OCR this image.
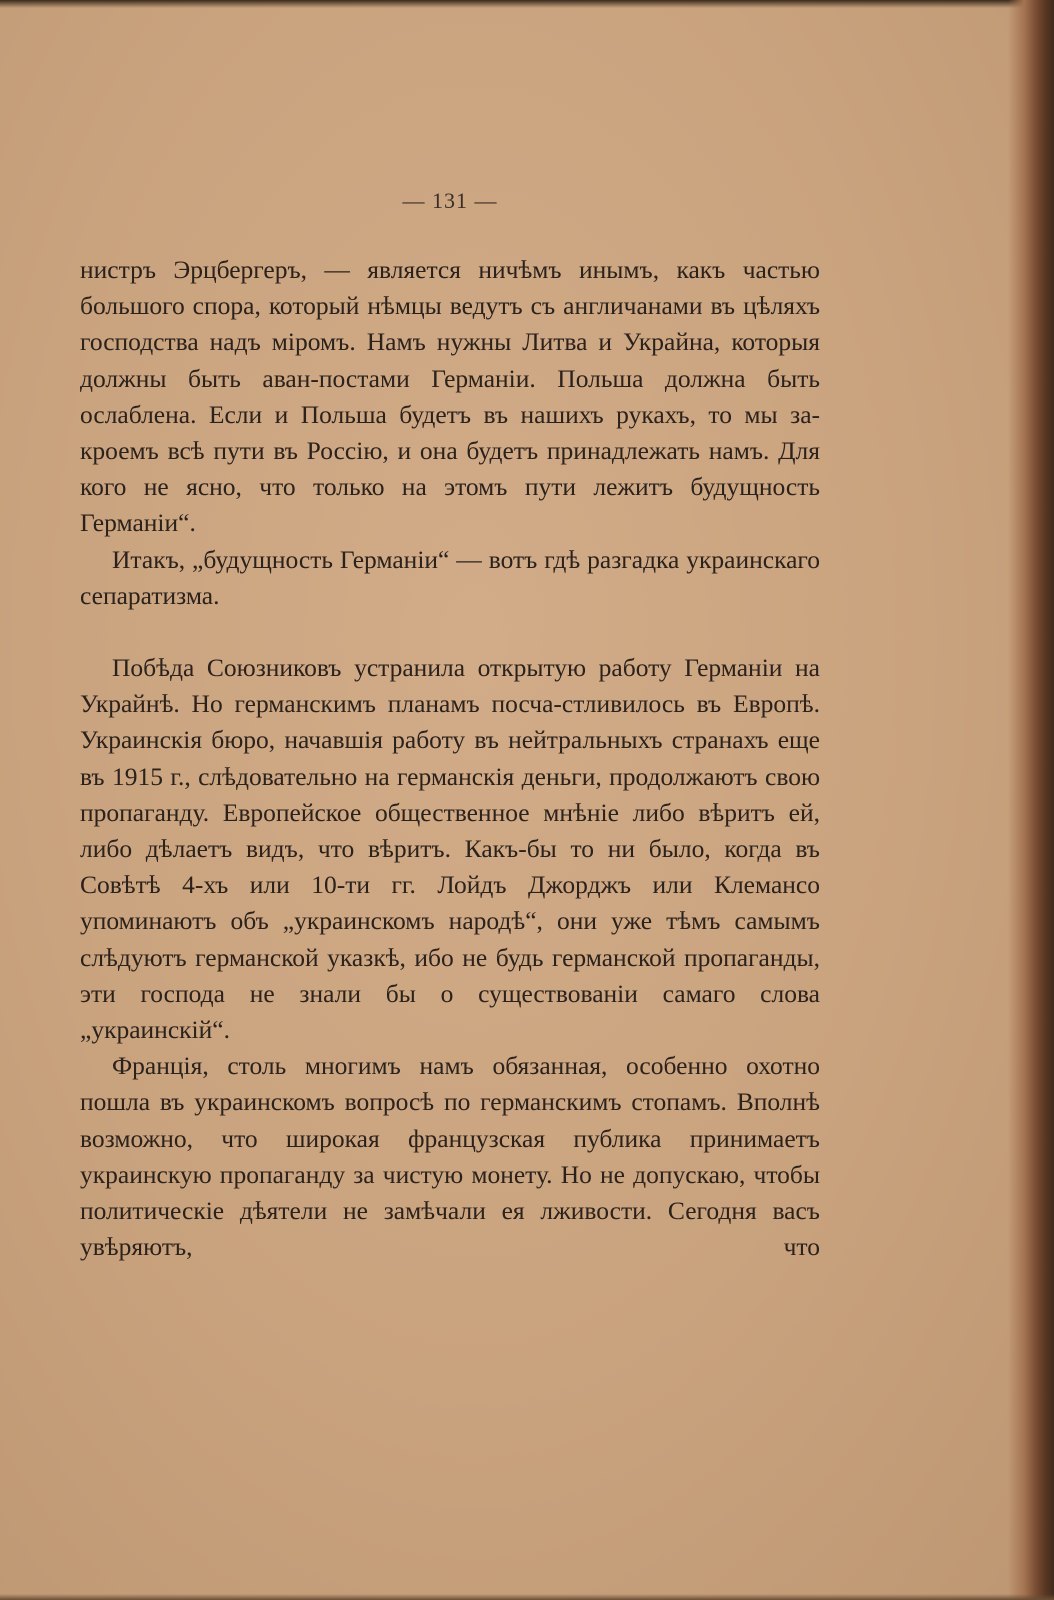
— 131 —

нистръ Эрцбергеръ, — является ничѣмъ инымъ, какъ частью большого спора, который нѣмцы ведутъ съ англичанами въ цѣляхъ господства надъ міромъ. Намъ нужны Литва и Украйна, которыя должны быть аван-постами Германіи. Польша должна быть ослаблена. Если и Польша будетъ въ нашихъ рукахъ, то мы за-кроемъ всѣ пути въ Россію, и она будетъ принадлежать намъ. Для кого не ясно, что только на этомъ пути лежитъ будущность Германіи“.

Итакъ, „будущность Германіи“ — вотъ гдѣ разгадка украинскаго сепаратизма.

Побѣда Союзниковъ устранила открытую работу Германіи на Украйнѣ. Но германскимъ планамъ посча-стливилось въ Европѣ. Украинскія бюро, начавшія работу въ нейтральныхъ странахъ еще въ 1915 г., слѣдовательно на германскія деньги, продолжаютъ свою пропаганду. Европейское общественное мнѣніе либо вѣритъ ей, либо дѣлаетъ видъ, что вѣритъ. Какъ-бы то ни было, когда въ Совѣтѣ 4-хъ или 10-ти гг. Лойдъ Джорджъ или Клемансо упоминаютъ объ „украинскомъ народѣ“, они уже тѣмъ самымъ слѣдуютъ германской указкѣ, ибо не будь германской пропаганды, эти господа не знали бы о существованіи самаго слова „украинскій“.

Франція, столь многимъ намъ обязанная, особенно охотно пошла въ украинскомъ вопросѣ по германскимъ стопамъ. Вполнѣ возможно, что широкая французская публика принимаетъ украинскую пропаганду за чистую монету. Но не допускаю, чтобы политическіе дѣятели не замѣчали ея лживости. Сегодня васъ увѣряютъ, что
